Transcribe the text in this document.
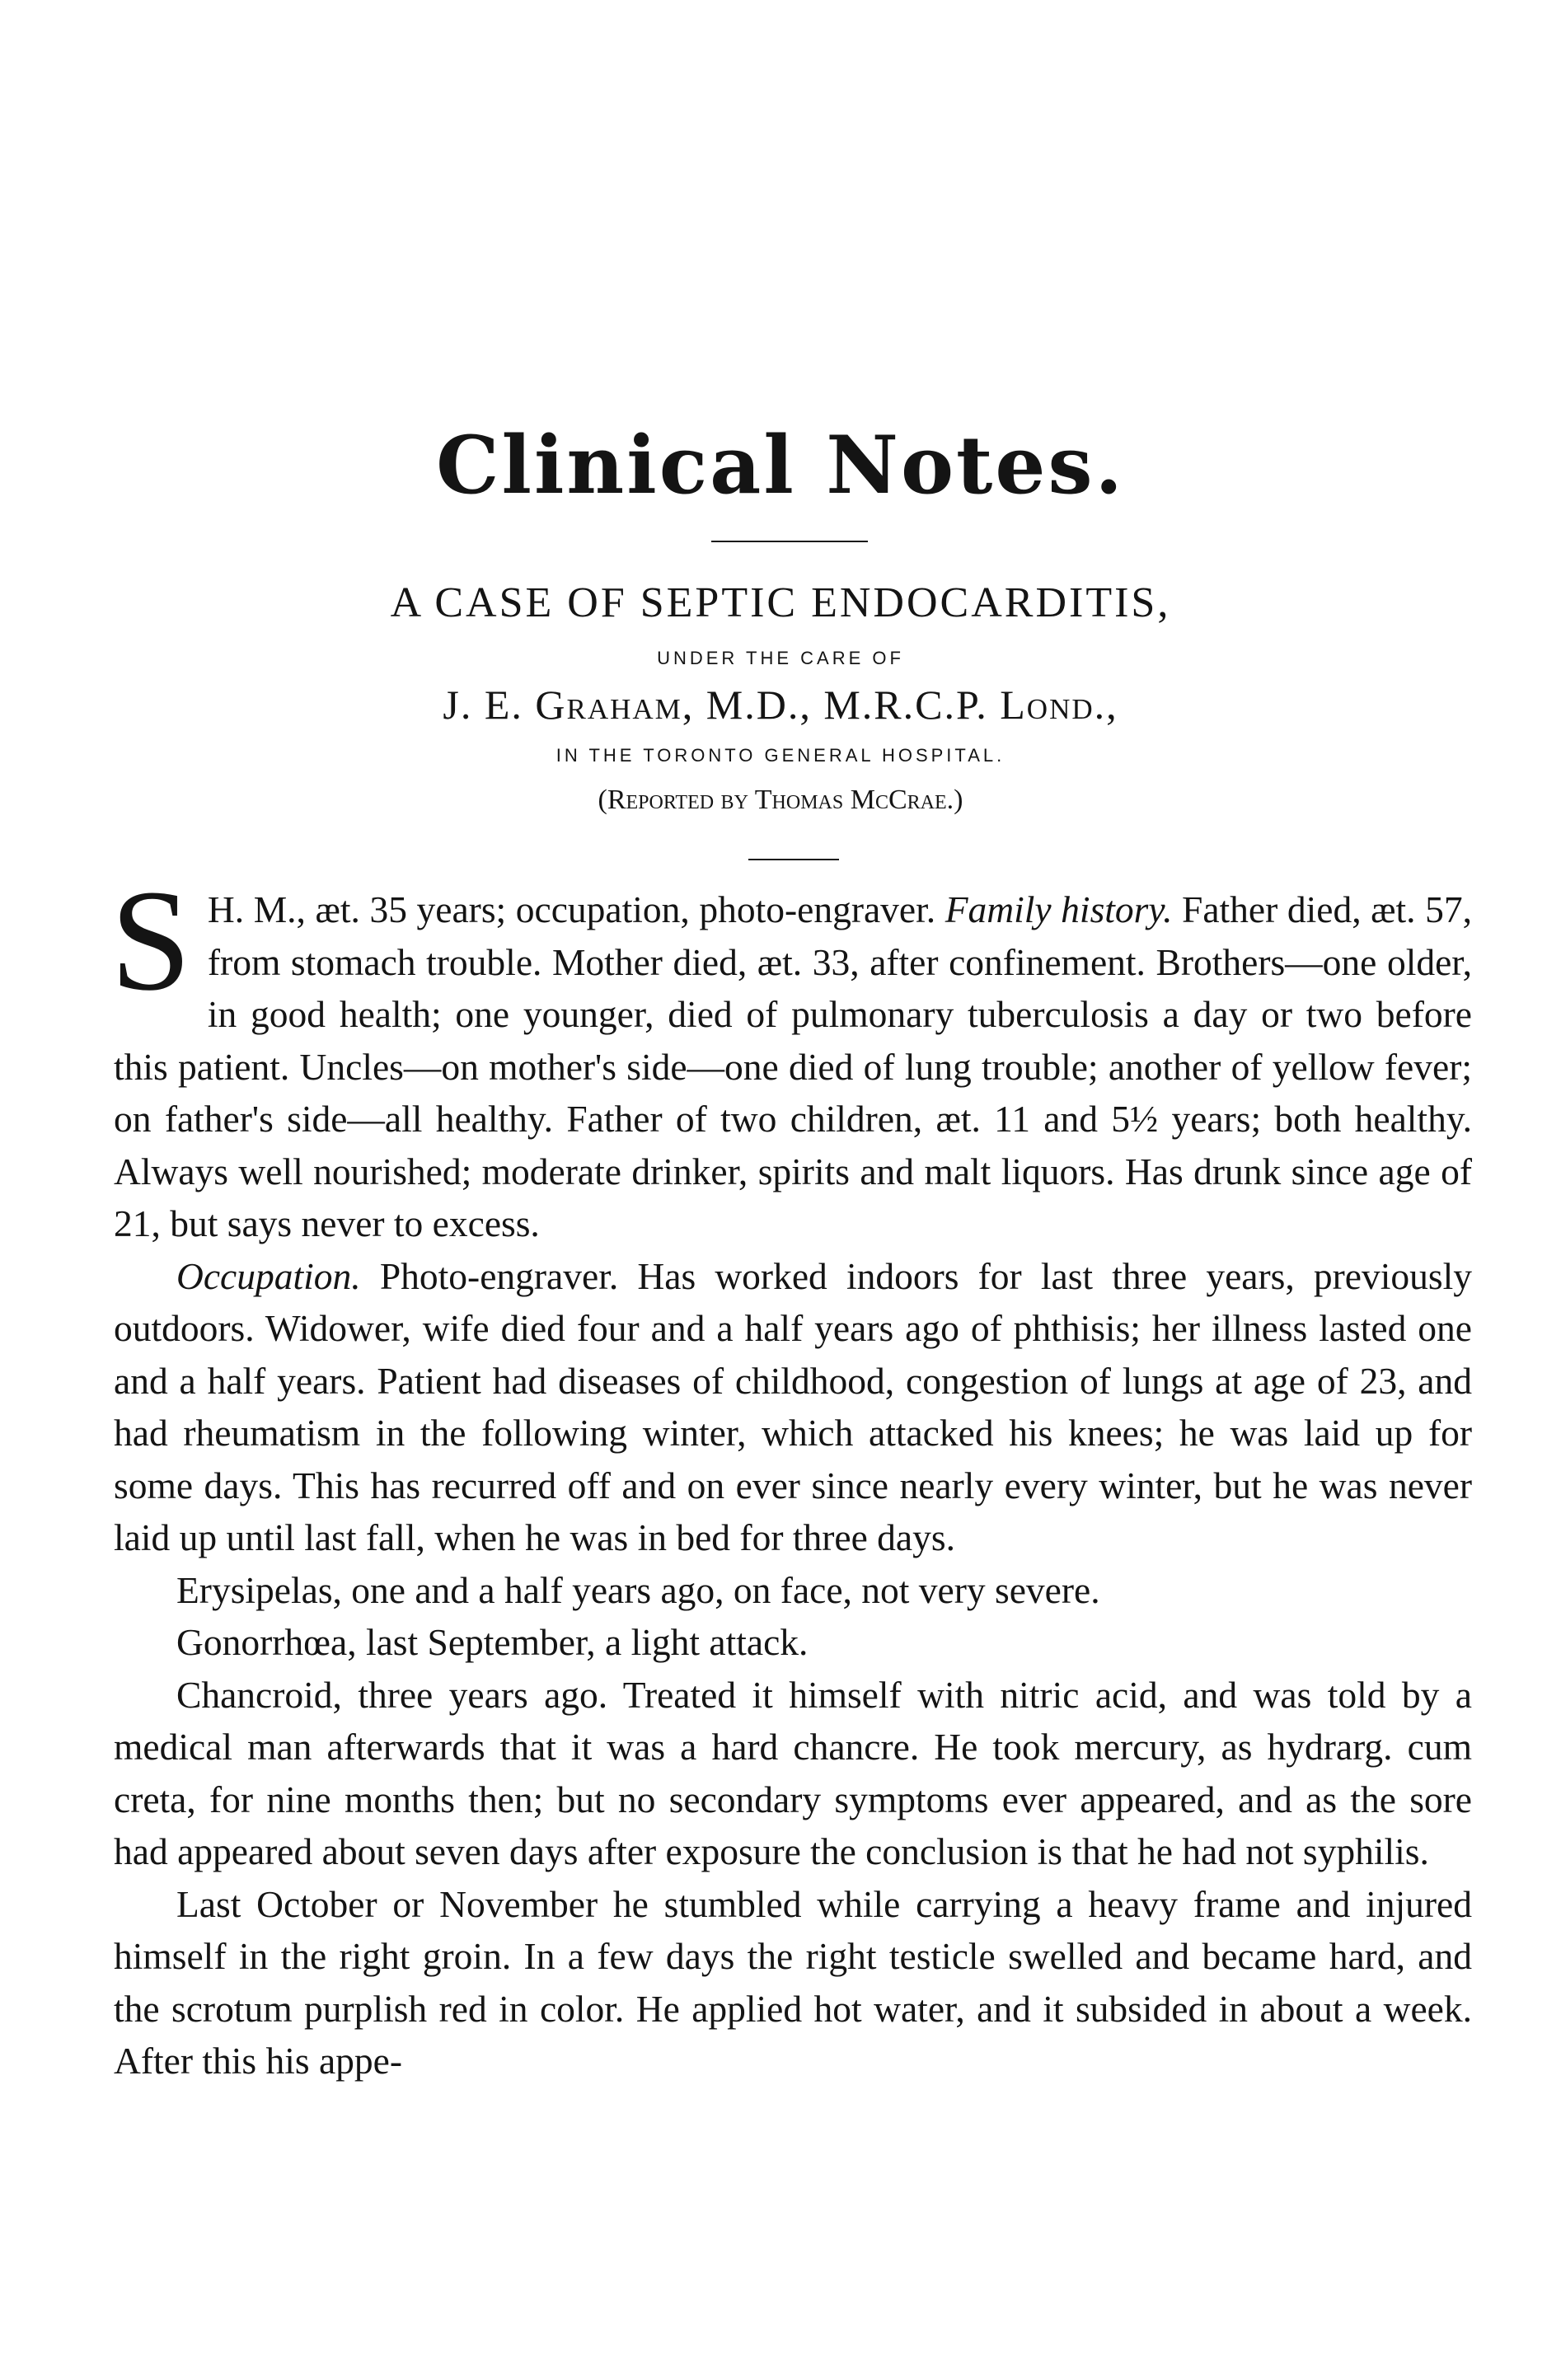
Clinical Notes.
A CASE OF SEPTIC ENDOCARDITIS,
UNDER THE CARE OF
J. E. Graham, M.D., M.R.C.P. Lond.,
IN THE TORONTO GENERAL HOSPITAL.
(Reported by Thomas McCrae.)

S H. M., æt. 35 years; occupation, photo-engraver. Family history. Father died, æt. 57, from stomach trouble. Mother died, æt. 33, after confinement. Brothers—one older, in good health; one younger, died of pulmonary tuberculosis a day or two before this patient. Uncles—on mother's side—one died of lung trouble; another of yellow fever; on father's side—all healthy. Father of two children, æt. 11 and 5½ years; both healthy. Always well nourished; moderate drinker, spirits and malt liquors. Has drunk since age of 21, but says never to excess.

Occupation. Photo-engraver. Has worked indoors for last three years, previously outdoors. Widower, wife died four and a half years ago of phthisis; her illness lasted one and a half years. Patient had diseases of childhood, congestion of lungs at age of 23, and had rheumatism in the following winter, which attacked his knees; he was laid up for some days. This has recurred off and on ever since nearly every winter, but he was never laid up until last fall, when he was in bed for three days.

Erysipelas, one and a half years ago, on face, not very severe.

Gonorrhœa, last September, a light attack.

Chancroid, three years ago. Treated it himself with nitric acid, and was told by a medical man afterwards that it was a hard chancre. He took mercury, as hydrarg. cum creta, for nine months then; but no secondary symptoms ever appeared, and as the sore had appeared about seven days after exposure the conclusion is that he had not syphilis.

Last October or November he stumbled while carrying a heavy frame and injured himself in the right groin. In a few days the right testicle swelled and became hard, and the scrotum purplish red in color. He applied hot water, and it subsided in about a week. After this his appe-
